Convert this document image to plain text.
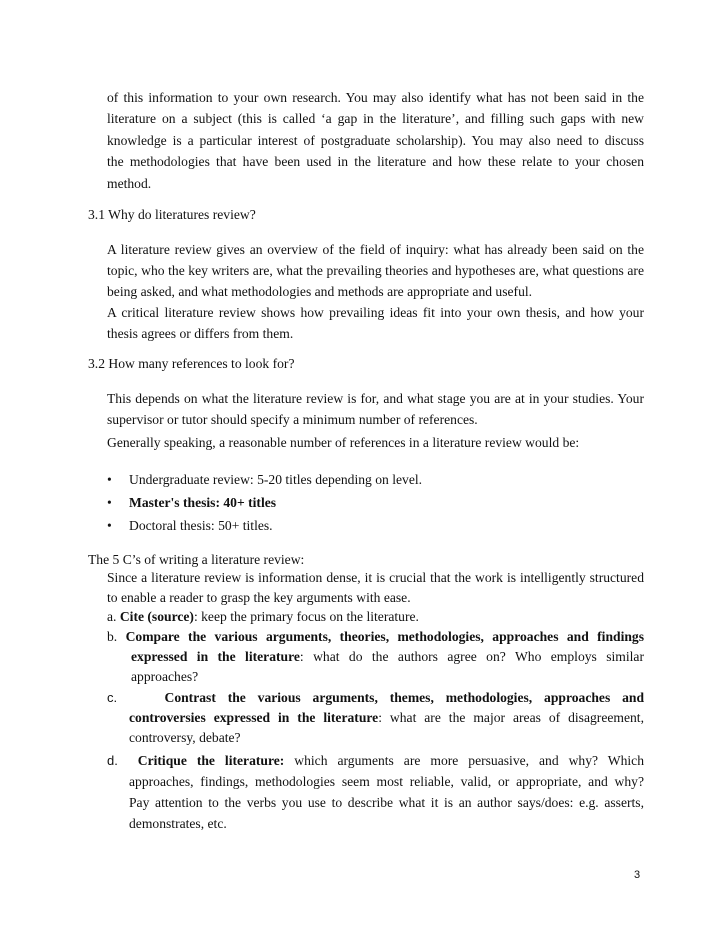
of this information to your own research. You may also identify what has not been said in the
literature on a subject (this is called ‘a gap in the literature’, and filling such gaps with new
knowledge is a particular interest of postgraduate scholarship). You may also need to discuss
the methodologies that have been used in the literature and how these relate to your chosen
method.
3.1 Why do literatures review?
A literature review gives an overview of the field of inquiry: what has already been said on the topic, who the key writers are, what the prevailing theories and hypotheses are, what questions are being asked, and what methodologies and methods are appropriate and useful.
A critical literature review shows how prevailing ideas fit into your own thesis, and how your thesis agrees or differs from them.
3.2 How many references to look for?
This depends on what the literature review is for, and what stage you are at in your studies. Your supervisor or tutor should specify a minimum number of references.
Generally speaking, a reasonable number of references in a literature review would be:
• Undergraduate review: 5-20 titles depending on level.
• Master's thesis: 40+ titles
• Doctoral thesis: 50+ titles.
The 5 C’s of writing a literature review:
Since a literature review is information dense, it is crucial that the work is intelligently structured to enable a reader to grasp the key arguments with ease.
a. Cite (source): keep the primary focus on the literature.
b. Compare the various arguments, theories, methodologies, approaches and findings
expressed in the literature: what do the authors agree on? Who employs similar
approaches?
c.	Contrast the various arguments, themes, methodologies, approaches and
controversies expressed in the literature: what are the major areas of disagreement,
controversy, debate?
d. Critique the literature: which arguments are more persuasive, and why? Which
approaches, findings, methodologies seem most reliable, valid, or appropriate, and why?
Pay attention to the verbs you use to describe what it is an author says/does: e.g. asserts,
demonstrates, etc.
3
